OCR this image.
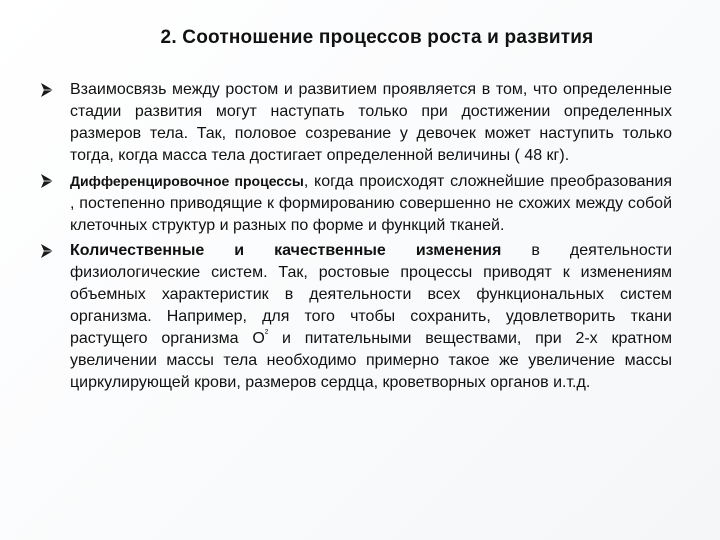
2. Соотношение процессов роста и развития
Взаимосвязь между ростом и развитием проявляется в том, что определенные стадии развития могут наступать только при достижении определенных размеров тела. Так, половое созревание у девочек может наступить только тогда, когда масса тела достигает определенной величины ( 48 кг).
Дифференцировочное процессы, когда происходят сложнейшие преобразования , постепенно приводящие к формированию совершенно не схожих между собой клеточных структур и разных по форме и функций тканей.
Количественные и качественные изменения в деятельности физиологические систем. Так, ростовые процессы приводят к изменениям объемных характеристик в деятельности всех функциональных систем организма. Например, для того чтобы сохранить, удовлетворить ткани растущего организма $О^{^2}$ и питательными веществами, при 2-х кратном увеличении массы тела необходимо примерно такое же увеличение массы циркулирующей крови, размеров сердца, кроветворных органов и.т.д.
